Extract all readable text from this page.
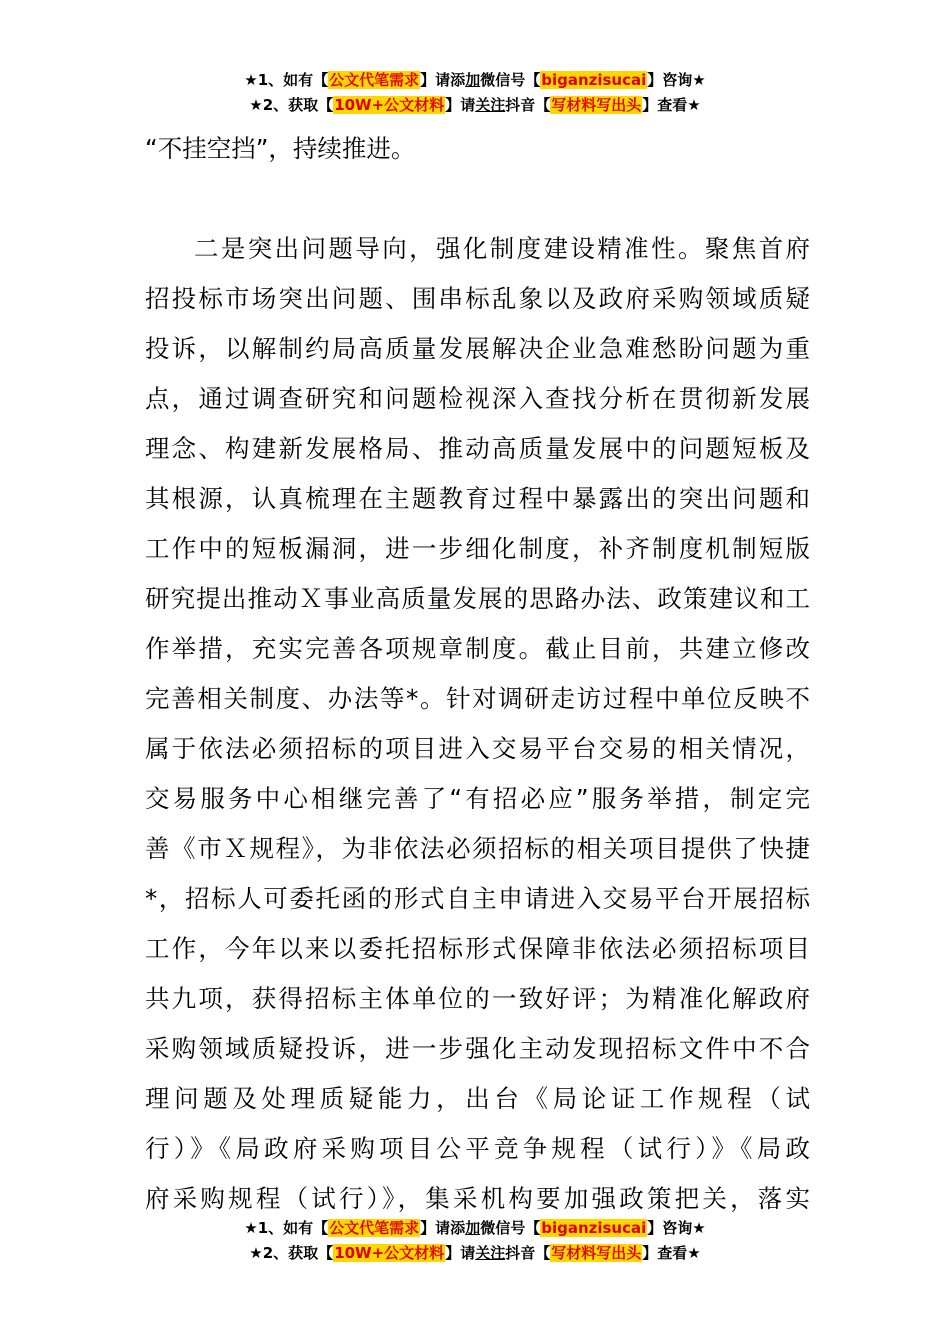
★1、如有【公文代笔需求】请添加微信号【biganzisucai】咨询★
★2、获取【10W+公文材料】请关注抖音【写材料写出头】查看★
“不挂空挡”，持续推进。
二是突出问题导向，强化制度建设精准性。聚焦首府
招投标市场突出问题、围串标乱象以及政府采购领域质疑
投诉，以解制约局高质量发展解决企业急难愁盼问题为重
点，通过调查研究和问题检视深入查找分析在贯彻新发展
理念、构建新发展格局、推动高质量发展中的问题短板及
其根源，认真梳理在主题教育过程中暴露出的突出问题和
工作中的短板漏洞，进一步细化制度，补齐制度机制短版
研究提出推动Ｘ事业高质量发展的思路办法、政策建议和工
作举措，充实完善各项规章制度。截止目前，共建立修改
完善相关制度、办法等*。针对调研走访过程中单位反映不
属于依法必须招标的项目进入交易平台交易的相关情况，
交易服务中心相继完善了“有招必应”服务举措，制定完
善《市Ｘ规程》，为非依法必须招标的相关项目提供了快捷
*，招标人可委托函的形式自主申请进入交易平台开展招标
工作，今年以来以委托招标形式保障非依法必须招标项目
共九项，获得招标主体单位的一致好评；为精准化解政府
采购领域质疑投诉，进一步强化主动发现招标文件中不合
理问题及处理质疑能力，出台《局论证工作规程（试
行）》《局政府采购项目公平竞争规程（试行）》《局政
府采购规程（试行）》，集采机构要加强政策把关，落实
★1、如有【公文代笔需求】请添加微信号【biganzisucai】咨询★
★2、获取【10W+公文材料】请关注抖音【写材料写出头】查看★
